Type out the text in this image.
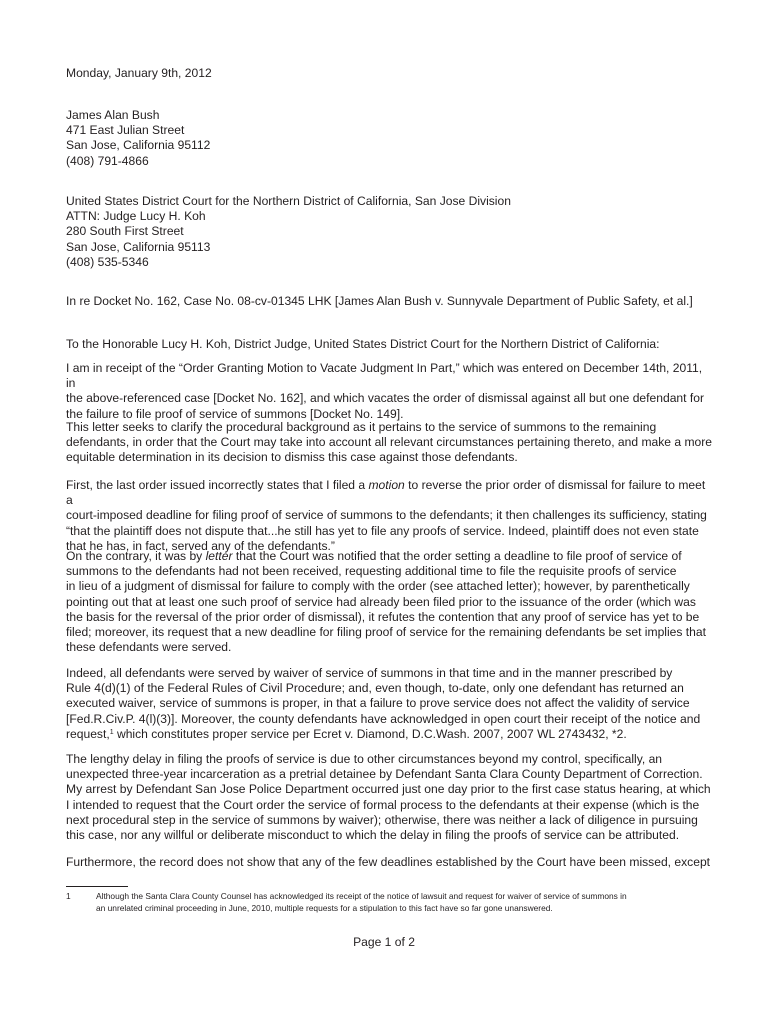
Monday, January 9th, 2012
James Alan Bush
471 East Julian Street
San Jose, California 95112
(408) 791-4866
United States District Court for the Northern District of California, San Jose Division
ATTN: Judge Lucy H. Koh
280 South First Street
San Jose, California 95113
(408) 535-5346
In re Docket No. 162, Case No. 08-cv-01345 LHK [James Alan Bush v. Sunnyvale Department of Public Safety, et al.]
To the Honorable Lucy H. Koh, District Judge, United States District Court for the Northern District of California:
I am in receipt of the “Order Granting Motion to Vacate Judgment In Part,” which was entered on December 14th, 2011, in
the above-referenced case [Docket No. 162], and which vacates the order of dismissal against all but one defendant for
the failure to file proof of service of summons [Docket No. 149].
This letter seeks to clarify the procedural background as it pertains to the service of summons to the remaining
defendants, in order that the Court may take into account all relevant circumstances pertaining thereto, and make a more
equitable determination in its decision to dismiss this case against those defendants.
First, the last order issued incorrectly states that I filed a motion to reverse the prior order of dismissal for failure to meet a
court-imposed deadline for filing proof of service of summons to the defendants; it then challenges its sufficiency, stating
“that the plaintiff does not dispute that...he still has yet to file any proofs of service. Indeed, plaintiff does not even state
that he has, in fact, served any of the defendants.”
On the contrary, it was by letter that the Court was notified that the order setting a deadline to file proof of service of
summons to the defendants had not been received, requesting additional time to file the requisite proofs of service
in lieu of a judgment of dismissal for failure to comply with the order (see attached letter); however, by parenthetically
pointing out that at least one such proof of service had already been filed prior to the issuance of the order (which was
the basis for the reversal of the prior order of dismissal), it refutes the contention that any proof of service has yet to be
filed; moreover, its request that a new deadline for filing proof of service for the remaining defendants be set implies that
these defendants were served.
Indeed, all defendants were served by waiver of service of summons in that time and in the manner prescribed by
Rule 4(d)(1) of the Federal Rules of Civil Procedure; and, even though, to-date, only one defendant has returned an
executed waiver, service of summons is proper, in that a failure to prove service does not affect the validity of service
[Fed.R.Civ.P. 4(l)(3)]. Moreover, the county defendants have acknowledged in open court their receipt of the notice and
request,$^1$ which constitutes proper service per Ecret v. Diamond, D.C.Wash. 2007, 2007 WL 2743432, *2.
The lengthy delay in filing the proofs of service is due to other circumstances beyond my control, specifically, an
unexpected three-year incarceration as a pretrial detainee by Defendant Santa Clara County Department of Correction.
My arrest by Defendant San Jose Police Department occurred just one day prior to the first case status hearing, at which
I intended to request that the Court order the service of formal process to the defendants at their expense (which is the
next procedural step in the service of summons by waiver); otherwise, there was neither a lack of diligence in pursuing
this case, nor any willful or deliberate misconduct to which the delay in filing the proofs of service can be attributed.
Furthermore, the record does not show that any of the few deadlines established by the Court have been missed, except
1	Although the Santa Clara County Counsel has acknowledged its receipt of the notice of lawsuit and request for waiver of service of summons in
an unrelated criminal proceeding in June, 2010, multiple requests for a stipulation to this fact have so far gone unanswered.
Page 1 of 2
